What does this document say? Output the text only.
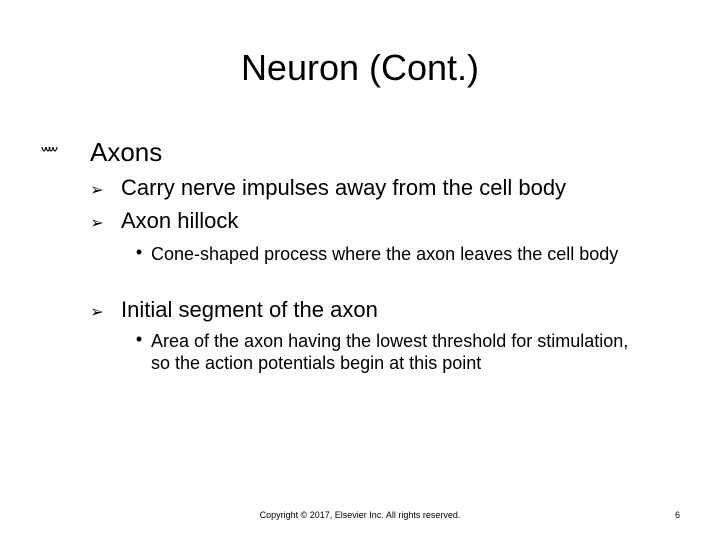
Neuron (Cont.)
Axons
➢ Carry nerve impulses away from the cell body
➢ Axon hillock
• Cone-shaped process where the axon leaves the cell body
➢ Initial segment of the axon
• Area of the axon having the lowest threshold for stimulation, so the action potentials begin at this point
Copyright © 2017, Elsevier Inc. All rights reserved.	6
